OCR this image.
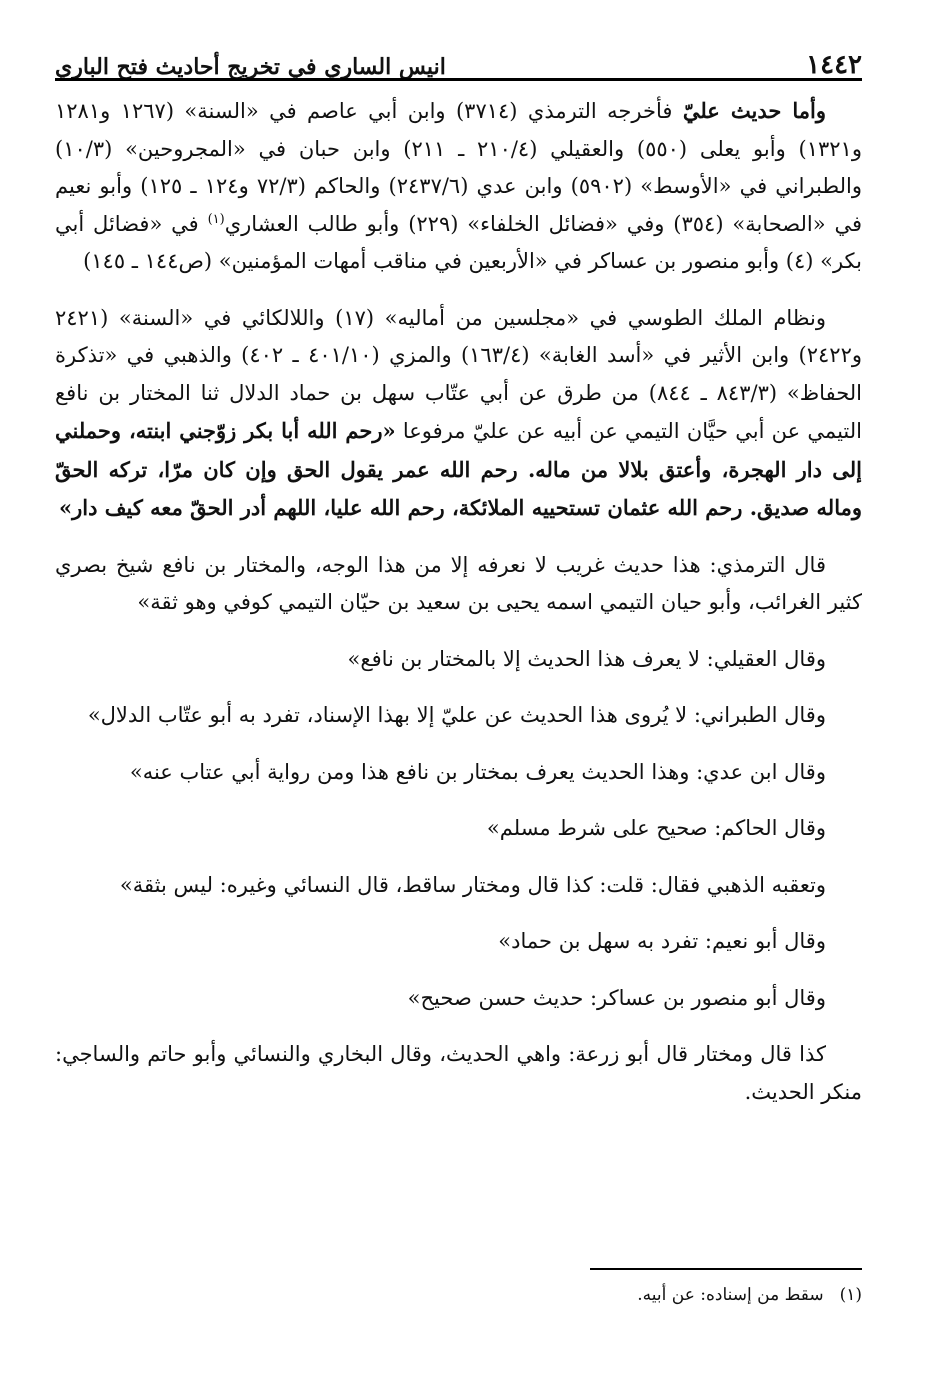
١٤٤٢
انيس الساري في تخريج أحاديث فتح الباري

وأما حديث عليّ فأخرجه الترمذي (٣٧١٤) وابن أبي عاصم في «السنة» (١٢٦٧ و١٢٨١ و١٣٢١) وأبو يعلى (٥٥٠) والعقيلي (٢١٠/٤ ـ ٢١١) وابن حبان في «المجروحين» (١٠/٣) والطبراني في «الأوسط» (٥٩٠٢) وابن عدي (٢٤٣٧/٦) والحاكم (٧٢/٣ و١٢٤ ـ ١٢٥) وأبو نعيم في «الصحابة» (٣٥٤) وفي «فضائل الخلفاء» (٢٢٩) وأبو طالب العشاري$^{(١)}$ في «فضائل أبي بكر» (٤) وأبو منصور بن عساكر في «الأربعين في مناقب أمهات المؤمنين» (ص١٤٤ ـ ١٤٥)

ونظام الملك الطوسي في «مجلسين من أماليه» (١٧) واللالكائي في «السنة» (٢٤٢١ و٢٤٢٢) وابن الأثير في «أسد الغابة» (١٦٣/٤) والمزي (٤٠١/١٠ ـ ٤٠٢) والذهبي في «تذكرة الحفاظ» (٨٤٣/٣ ـ ٨٤٤) من طرق عن أبي عتّاب سهل بن حماد الدلال ثنا المختار بن نافع التيمي عن أبي حيَّان التيمي عن أبيه عن عليّ مرفوعا «رحم الله أبا بكر زوّجني ابنته، وحملني إلى دار الهجرة، وأعتق بلالا من ماله. رحم الله عمر يقول الحق وإن كان مرّا، تركه الحقّ وماله صديق. رحم الله عثمان تستحييه الملائكة، رحم الله عليا، اللهم أدر الحقّ معه كيف دار»

قال الترمذي: هذا حديث غريب لا نعرفه إلا من هذا الوجه، والمختار بن نافع شيخ بصري كثير الغرائب، وأبو حيان التيمي اسمه يحيى بن سعيد بن حيّان التيمي كوفي وهو ثقة»

وقال العقيلي: لا يعرف هذا الحديث إلا بالمختار بن نافع»

وقال الطبراني: لا يُروى هذا الحديث عن عليّ إلا بهذا الإسناد، تفرد به أبو عتّاب الدلال»

وقال ابن عدي: وهذا الحديث يعرف بمختار بن نافع هذا ومن رواية أبي عتاب عنه»

وقال الحاكم: صحيح على شرط مسلم»

وتعقبه الذهبي فقال: قلت: كذا قال ومختار ساقط، قال النسائي وغيره: ليس بثقة»

وقال أبو نعيم: تفرد به سهل بن حماد»

وقال أبو منصور بن عساكر: حديث حسن صحيح»

كذا قال ومختار قال أبو زرعة: واهي الحديث، وقال البخاري والنسائي وأبو حاتم والساجي: منكر الحديث.

(١)سقط من إسناده: عن أبيه.
